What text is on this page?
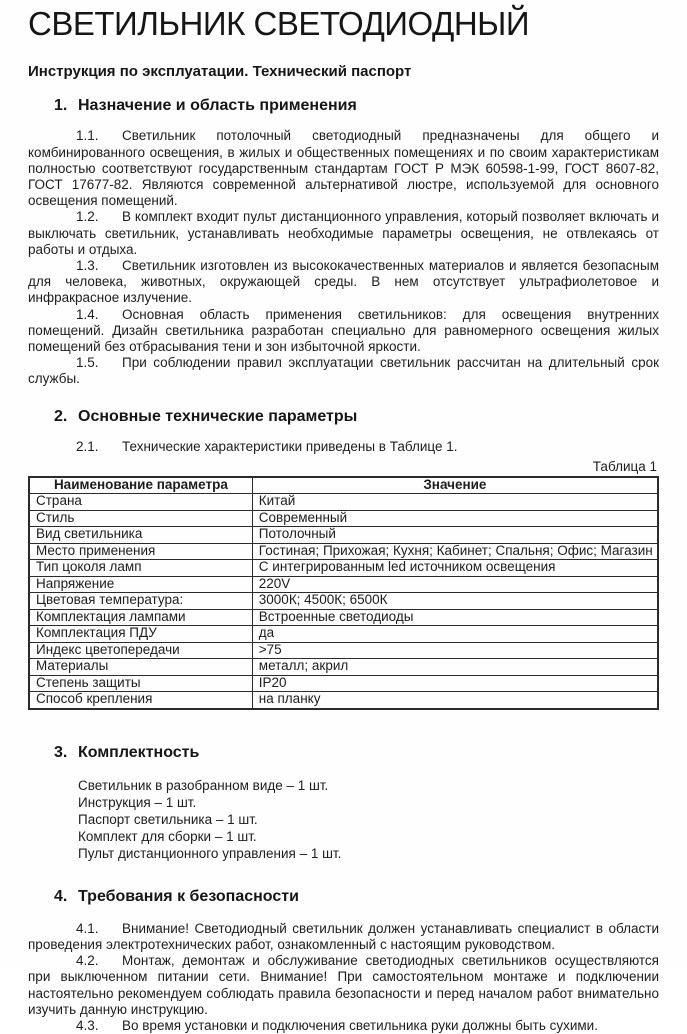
СВЕТИЛЬНИК СВЕТОДИОДНЫЙ

Инструкция по эксплуатации. Технический паспорт

1. Назначение и область применения

1.1. Светильник потолочный светодиодный предназначены для общего и комбинированного освещения, в жилых и общественных помещениях и по своим характеристикам полностью соответствуют государственным стандартам ГОСТ Р МЭК 60598-1-99, ГОСТ 8607-82, ГОСТ 17677-82. Являются современной альтернативой люстре, используемой для основного освещения помещений.

1.2. В комплект входит пульт дистанционного управления, который позволяет включать и выключать светильник, устанавливать необходимые параметры освещения, не отвлекаясь от работы и отдыха.

1.3. Светильник изготовлен из высококачественных материалов и является безопасным для человека, животных, окружающей среды. В нем отсутствует ультрафиолетовое и инфракрасное излучение.

1.4. Основная область применения светильников: для освещения внутренних помещений. Дизайн светильника разработан специально для равномерного освещения жилых помещений без отбрасывания тени и зон избыточной яркости.

1.5. При соблюдении правил эксплуатации светильник рассчитан на длительный срок службы.

2. Основные технические параметры

2.1. Технические характеристики приведены в Таблице 1.

Таблица 1

Наименование параметра	Значение
Страна	Китай
Стиль	Современный
Вид светильника	Потолочный
Место применения	Гостиная; Прихожая; Кухня; Кабинет; Спальня; Офис; Магазин
Тип цоколя ламп	С интегрированным led источником освещения
Напряжение	220V
Цветовая температура:	3000К; 4500К; 6500К
Комплектация лампами	Встроенные светодиоды
Комплектация ПДУ	да
Индекс цветопередачи	>75
Материалы	металл; акрил
Степень защиты	IP20
Способ крепления	на планку
3. Комплектность
Светильник в разобранном виде – 1 шт.
Инструкция – 1 шт.
Паспорт светильника – 1 шт.
Комплект для сборки – 1 шт.
Пульт дистанционного управления – 1 шт.
4. Требования к безопасности

4.1. Внимание! Светодиодный светильник должен устанавливать специалист в области проведения электротехнических работ, ознакомленный с настоящим руководством.

4.2. Монтаж, демонтаж и обслуживание светодиодных светильников осуществляются при выключенном питании сети. Внимание! При самостоятельном монтаже и подключении настоятельно рекомендуем соблюдать правила безопасности и перед началом работ внимательно изучить данную инструкцию.

4.3. Во время установки и подключения светильника руки должны быть сухими.
